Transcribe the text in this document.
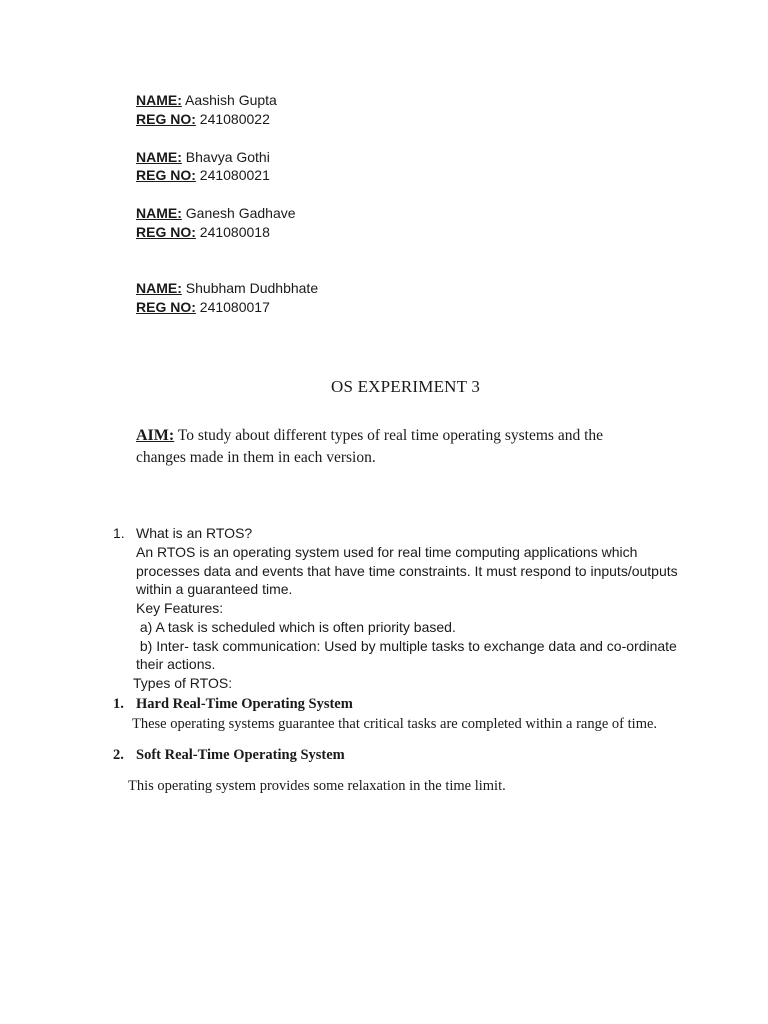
NAME: Aashish Gupta
REG NO: 241080022
NAME: Bhavya Gothi
REG NO: 241080021
NAME: Ganesh Gadhave
REG NO: 241080018
NAME: Shubham Dudhbhate
REG NO: 241080017
OS EXPERIMENT 3
AIM: To study about different types of real time operating systems and the
changes made in them in each version.
1. What is an RTOS?
An RTOS is an operating system used for real time computing applications which
processes data and events that have time constraints. It must respond to inputs/outputs
within a guaranteed time.
Key Features:
a) A task is scheduled which is often priority based.
b) Inter- task communication: Used by multiple tasks to exchange data and co-ordinate
their actions.
Types of RTOS:
1. Hard Real-Time Operating System
These operating systems guarantee that critical tasks are completed within a range of time.
2. Soft Real-Time Operating System
This operating system provides some relaxation in the time limit.
